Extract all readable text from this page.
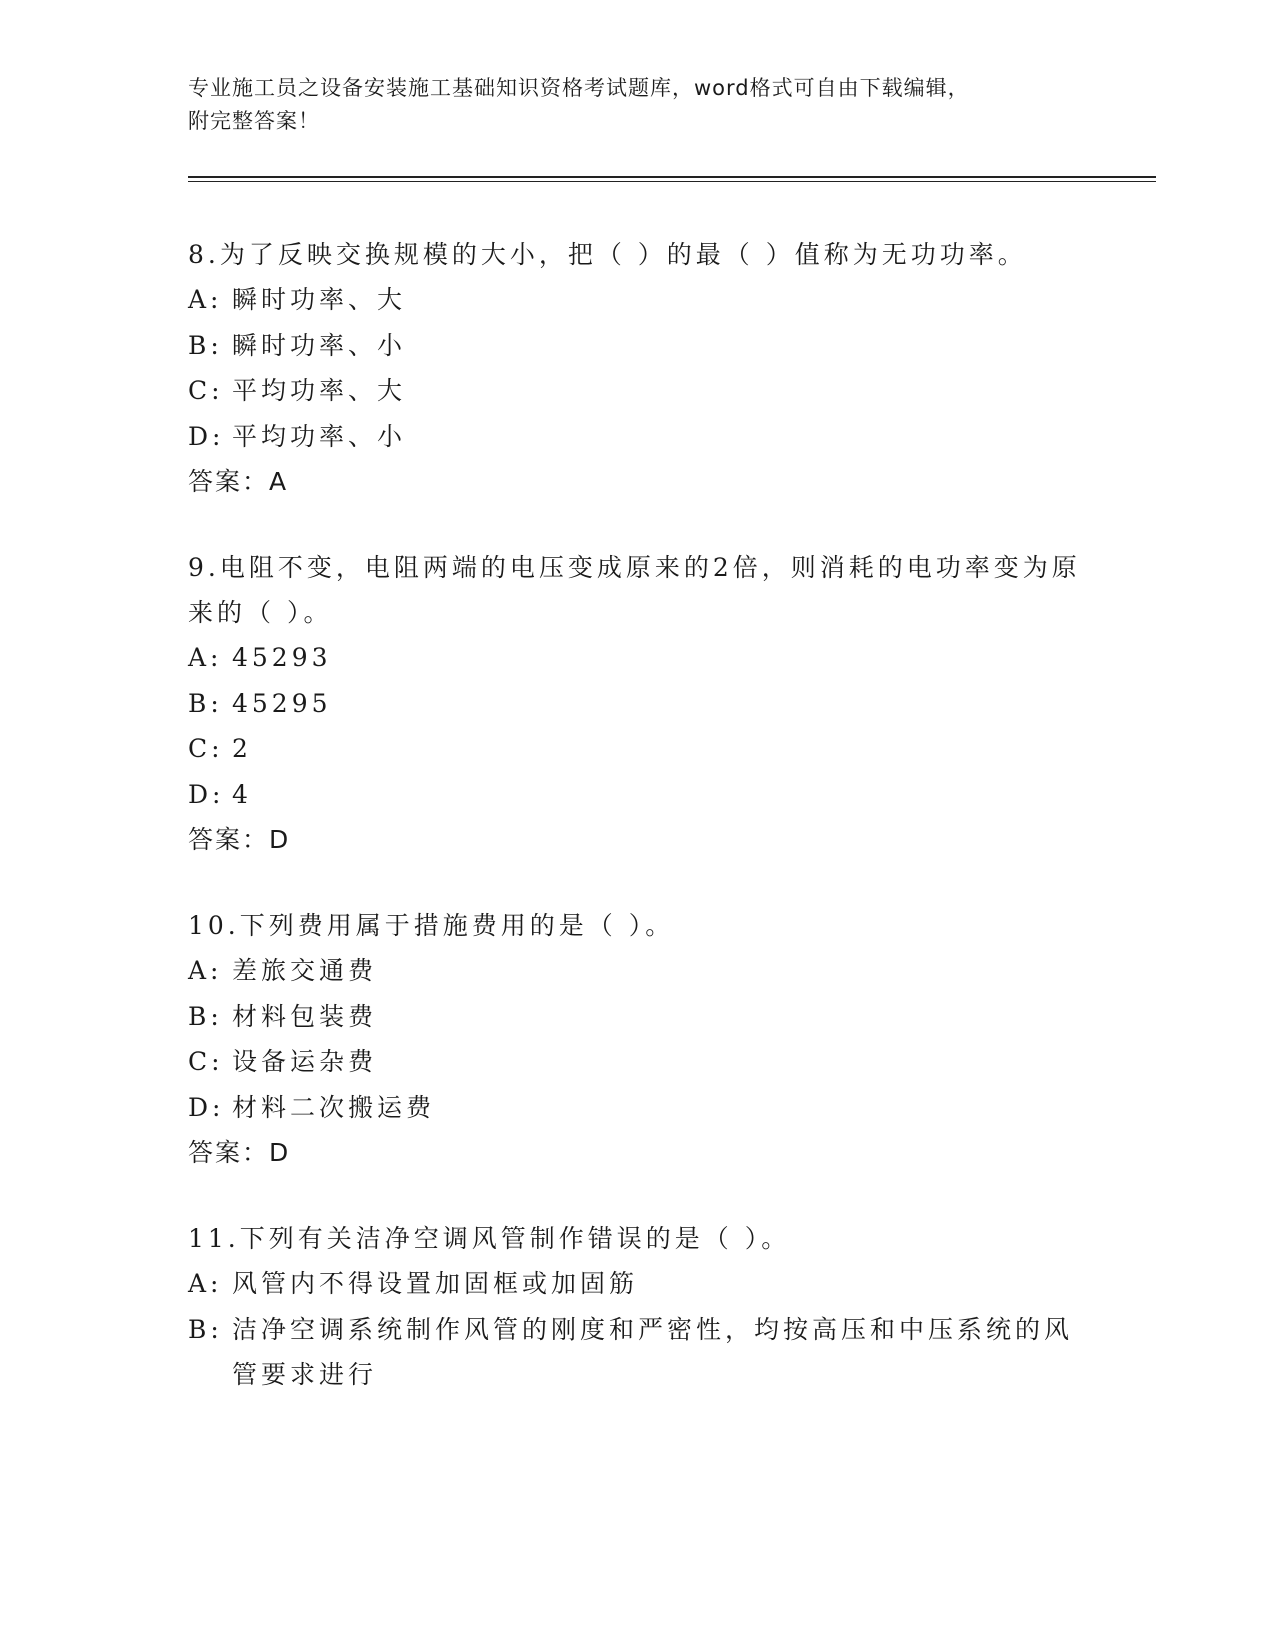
专业施工员之设备安装施工基础知识资格考试题库，word格式可自由下载编辑，
附完整答案！

8.为了反映交换规模的大小，把（ ）的最（ ）值称为无功功率。

A: 瞬时功率、大
B: 瞬时功率、小
C: 平均功率、大
D: 平均功率、小

答案：A

9.电阻不变，电阻两端的电压变成原来的2倍，则消耗的电功率变为原来的（ ）。

A: 45293
B: 45295
C: 2
D: 4

答案：D

10.下列费用属于措施费用的是（ ）。

A: 差旅交通费
B: 材料包装费
C: 设备运杂费
D: 材料二次搬运费

答案：D

11.下列有关洁净空调风管制作错误的是（ ）。

A: 风管内不得设置加固框或加固筋
B: 洁净空调系统制作风管的刚度和严密性，均按高压和中压系统的风管要求进行
